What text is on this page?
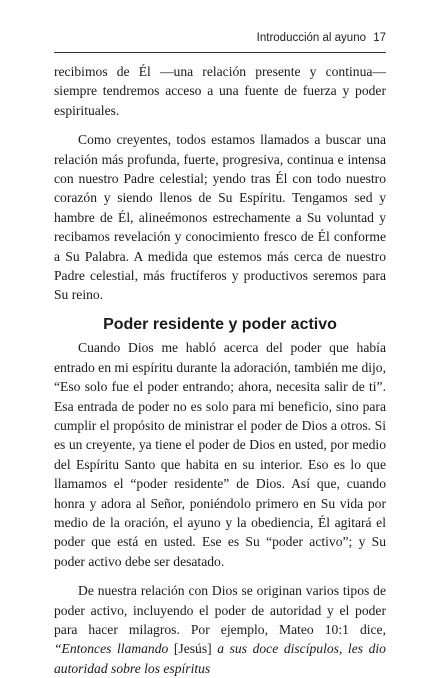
Introducción al ayuno 17

recibimos de Él —una relación presente y continua— siempre tendremos acceso a una fuente de fuerza y poder espirituales.

Como creyentes, todos estamos llamados a buscar una relación más profunda, fuerte, progresiva, continua e intensa con nuestro Padre celestial; yendo tras Él con todo nuestro corazón y siendo llenos de Su Espíritu. Tengamos sed y hambre de Él, alineémonos estrechamente a Su voluntad y recibamos revelación y conocimiento fresco de Él conforme a Su Palabra. A medida que estemos más cerca de nuestro Padre celestial, más fructíferos y productivos seremos para Su reino.

Poder residente y poder activo

Cuando Dios me habló acerca del poder que había entrado en mi espíritu durante la adoración, también me dijo, “Eso solo fue el poder entrando; ahora, necesita salir de ti”. Esa entrada de poder no es solo para mi beneficio, sino para cumplir el propósito de ministrar el poder de Dios a otros. Si es un creyente, ya tiene el poder de Dios en usted, por medio del Espíritu Santo que habita en su interior. Eso es lo que llamamos el “poder residente” de Dios. Así que, cuando honra y adora al Señor, poniéndolo primero en Su vida por medio de la oración, el ayuno y la obediencia, Él agitará el poder que está en usted. Ese es Su “poder activo”; y Su poder activo debe ser desatado.

De nuestra relación con Dios se originan varios tipos de poder activo, incluyendo el poder de autoridad y el poder para hacer milagros. Por ejemplo, Mateo 10:1 dice, “Entonces llamando [Jesús] a sus doce discípulos, les dio autoridad sobre los espíritus
